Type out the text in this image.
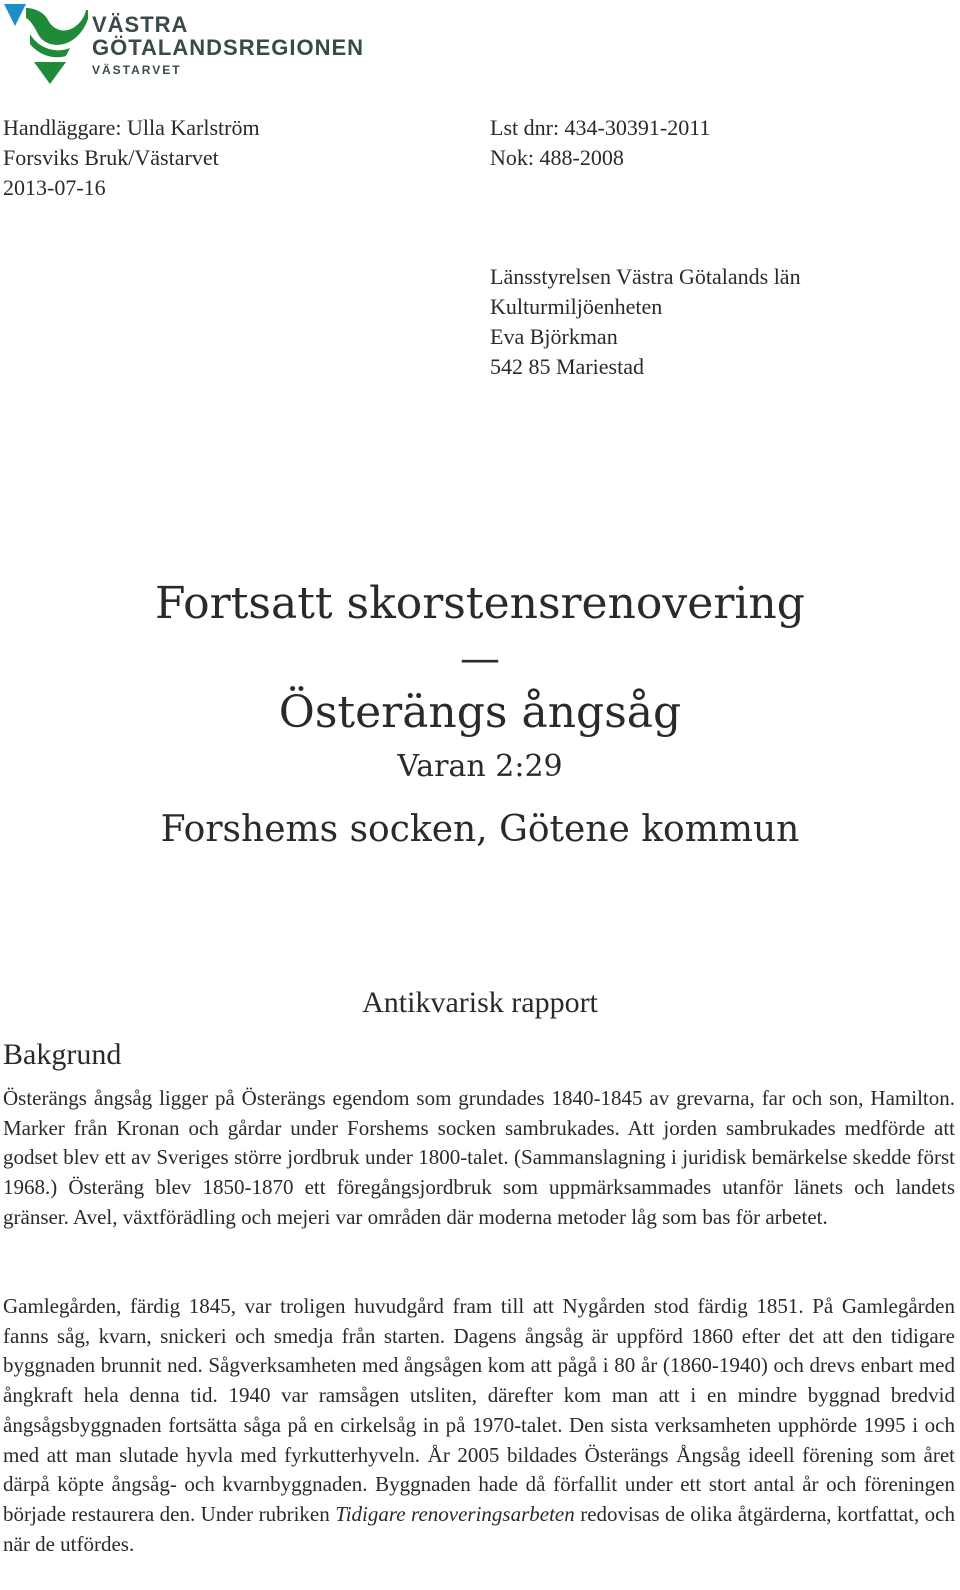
VÄSTRA
GÖTALANDSREGIONEN
VÄSTARVET
Handläggare: Ulla Karlström
Forsviks Bruk/Västarvet
2013-07-16
Lst dnr: 434-30391-2011
Nok: 488-2008
Länsstyrelsen Västra Götalands län
Kulturmiljöenheten
Eva Björkman
542 85 Mariestad
Fortsatt skorstensrenovering
—
Österängs ångsåg
Varan 2:29
Forshems socken, Götene kommun
Antikvarisk rapport
Bakgrund
Österängs ångsåg ligger på Österängs egendom som grundades 1840-1845 av grevarna, far och son, Hamilton. Marker från Kronan och gårdar under Forshems socken sambrukades. Att jorden sambrukades medförde att godset blev ett av Sveriges större jordbruk under 1800-talet. (Sammanslagning i juridisk bemärkelse skedde först 1968.) Österäng blev 1850-1870 ett föregångsjordbruk som uppmärksammades utanför länets och landets gränser. Avel, växtförädling och mejeri var områden där moderna metoder låg som bas för arbetet.
Gamlegården, färdig 1845, var troligen huvudgård fram till att Nygården stod färdig 1851. På Gamlegården fanns såg, kvarn, snickeri och smedja från starten. Dagens ångsåg är uppförd 1860 efter det att den tidigare byggnaden brunnit ned. Sågverksamheten med ångsågen kom att pågå i 80 år (1860-1940) och drevs enbart med ångkraft hela denna tid. 1940 var ramsågen utsliten, därefter kom man att i en mindre byggnad bredvid ångsågsbyggnaden fortsätta såga på en cirkelsåg in på 1970-talet. Den sista verksamheten upphörde 1995 i och med att man slutade hyvla med fyrkutterhyveln. År 2005 bildades Österängs Ångsåg ideell förening som året därpå köpte ångsåg- och kvarnbyggnaden. Byggnaden hade då förfallit under ett stort antal år och föreningen började restaurera den. Under rubriken Tidigare renoveringsarbeten redovisas de olika åtgärderna, kortfattat, och när de utfördes.
